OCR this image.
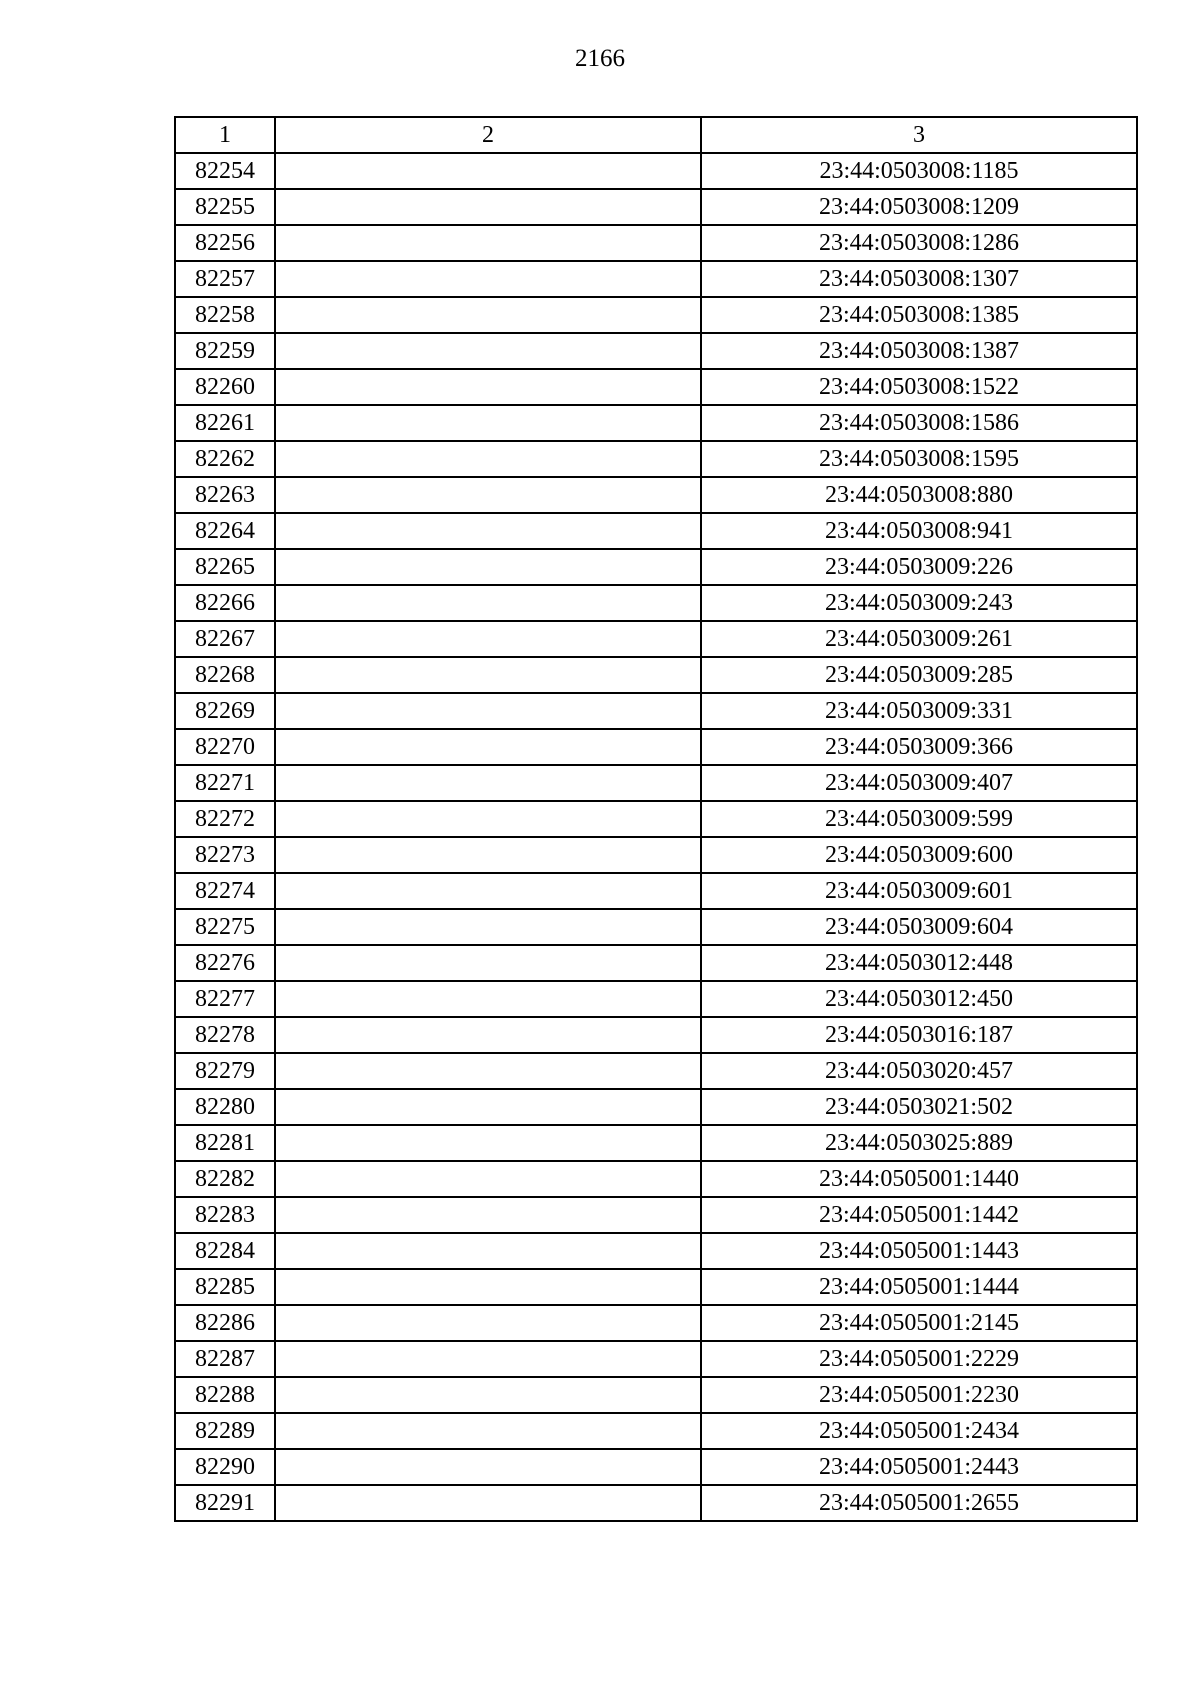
2166
1	2	3
82254		23:44:0503008:1185
82255		23:44:0503008:1209
82256		23:44:0503008:1286
82257		23:44:0503008:1307
82258		23:44:0503008:1385
82259		23:44:0503008:1387
82260		23:44:0503008:1522
82261		23:44:0503008:1586
82262		23:44:0503008:1595
82263		23:44:0503008:880
82264		23:44:0503008:941
82265		23:44:0503009:226
82266		23:44:0503009:243
82267		23:44:0503009:261
82268		23:44:0503009:285
82269		23:44:0503009:331
82270		23:44:0503009:366
82271		23:44:0503009:407
82272		23:44:0503009:599
82273		23:44:0503009:600
82274		23:44:0503009:601
82275		23:44:0503009:604
82276		23:44:0503012:448
82277		23:44:0503012:450
82278		23:44:0503016:187
82279		23:44:0503020:457
82280		23:44:0503021:502
82281		23:44:0503025:889
82282		23:44:0505001:1440
82283		23:44:0505001:1442
82284		23:44:0505001:1443
82285		23:44:0505001:1444
82286		23:44:0505001:2145
82287		23:44:0505001:2229
82288		23:44:0505001:2230
82289		23:44:0505001:2434
82290		23:44:0505001:2443
82291		23:44:0505001:2655
